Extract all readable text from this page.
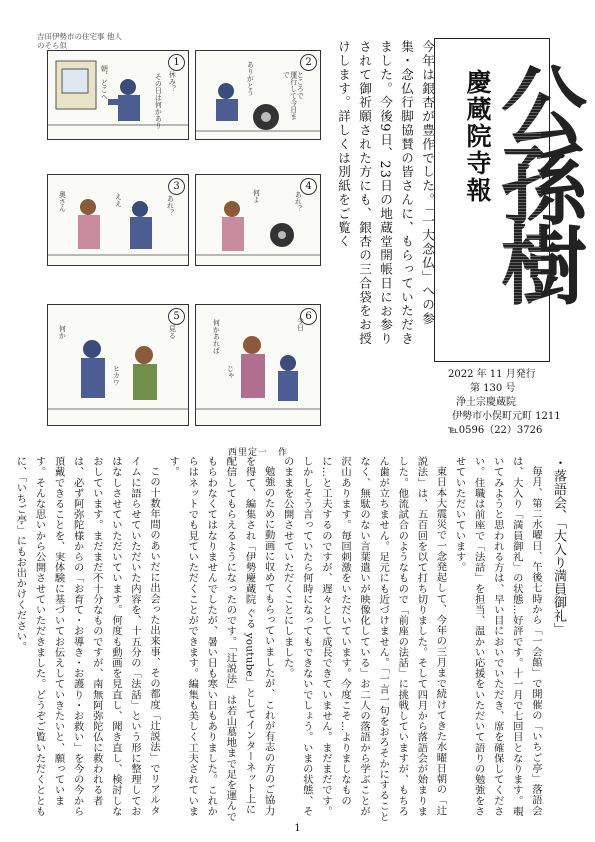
吉田伊勢市の住宅事 他人のそら似
1
休み？
その日は何かあり
朝、どこへ
2
ところで
運行して今日まで
ありがとう
3
奥さん	ええ	あれ？
4
あれ？
何よ
5
ヒカワ
何か	見る
6
今日
何かあれば
じゃ
西里定一　作
今年は銀杏が豊作でした。「一大念仏」への参集・念仏行脚協賛の皆さんに、もらっていただきました。今後9日、23日の地蔵堂開帳日にお参りされて御祈願された方にも、銀杏の三合袋をお授けします。詳しくは別紙をご覧く	慶蔵院寺報
公孫樹
2022 年 11 月発行
第 130 号
浄土宗慶蔵院
伊勢市小俣町元町 1211
℡0596（22）3726

・落語会、「大入り満員御礼」

毎月、第二水曜日、午後七時から「一会館」で開催の「いちご亭」落語会は、大入り「満員御礼」の状態…好評です。十一月で七回目となります。覗いてみようと思われる方は、早い目においでいただき、席を確保してください。住職は前座で「法話」を担当、温かい応援をいただいて語りの勉強をさせていただいています。

東日本大震災で一念発起して、今年の三月まで続けてきた水曜日朝の「辻説法」は、五百回を以て打ち切りました。そして四月から落語会が始まりました。他流試合のようなもので「前座の法話」に挑戦していますが、もちろん歯が立ちません。足元にも近づけません。「一言一句をおろそかにすることなく、無駄のない言葉遣いが映像化している」お二人の落語から学ぶことが沢山あります。毎回刺激をいただいています。今度こそ…よりましなものに…と工夫するのですが、遅々として成長できていません。まだまだです。しかしそう言っていたら何時になってもできないでしょう。いまの状態、そのままを公開させていただくことにしました。

勉強のために動画に収めてもらっていましたが、これが有志の方のご協力を得て、編集され「伊勢慶蔵院 ぐる youtube」としてインターネット上に配信してもらえるようになったのです。「辻説法」は若山墓地まで足を運んでもらわなくてはなりませんでしたが、暑い日も寒い日もありました。これからはネットでも見ていただくことができます。編集も美しく工夫されています。

この十数年間のあいだに出会った出来事、その都度「辻説法」でリアルタイムに語らせていただいた内容を、十五分の「法話」という形に整理しておはなしさせていただいています。何度も動画を見直し、聞き直し、検討しなおしています。まだまだ不十分なものですが、南無阿弥陀仏に救われる者は、必ず阿弥陀様からの「お育て・お導き・お護り・お救い」を今の今から頂戴できることを、実体験に基づいてお伝えしていきたいと、願っています。そんな思いから公開させていただきました。どうぞご覧いただくとともに、「いちご亭」にもお出かけください。

1
